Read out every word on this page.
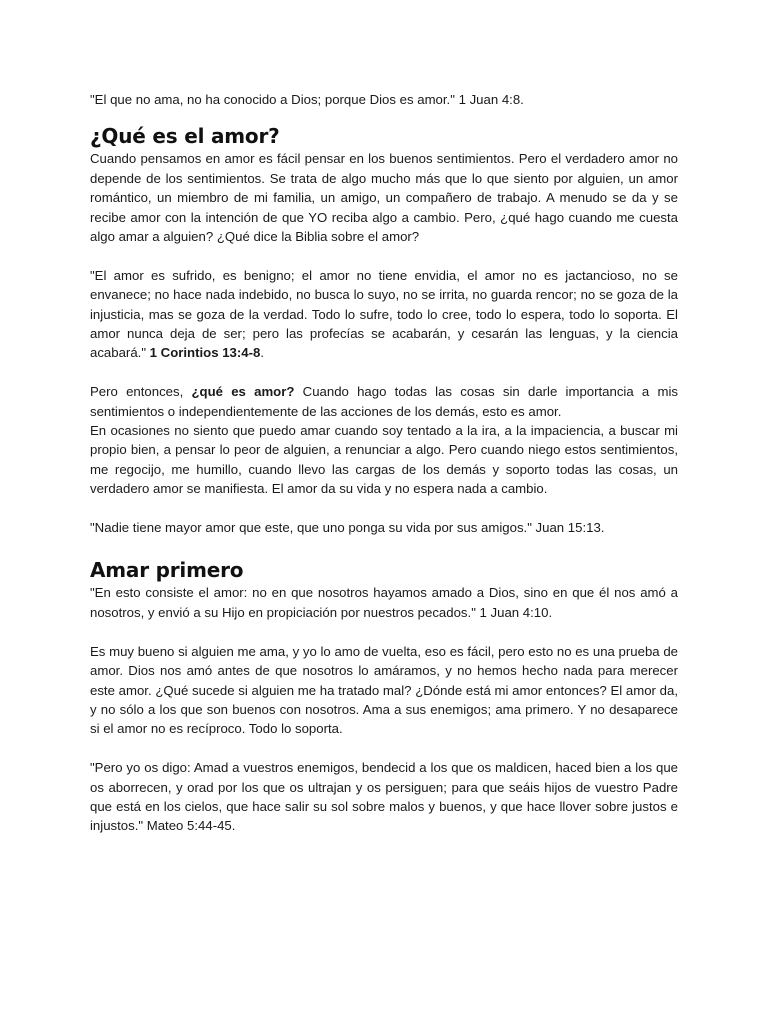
"El que no ama, no ha conocido a Dios; porque Dios es amor." 1 Juan 4:8.

¿Qué es el amor?

Cuando pensamos en amor es fácil pensar en los buenos sentimientos. Pero el verdadero amor no depende de los sentimientos. Se trata de algo mucho más que lo que siento por alguien, un amor romántico, un miembro de mi familia, un amigo, un compañero de trabajo. A menudo se da y se recibe amor con la intención de que YO reciba algo a cambio. Pero, ¿qué hago cuando me cuesta algo amar a alguien? ¿Qué dice la Biblia sobre el amor?

"El amor es sufrido, es benigno; el amor no tiene envidia, el amor no es jactancioso, no se envanece; no hace nada indebido, no busca lo suyo, no se irrita, no guarda rencor; no se goza de la injusticia, mas se goza de la verdad. Todo lo sufre, todo lo cree, todo lo espera, todo lo soporta. El amor nunca deja de ser; pero las profecías se acabarán, y cesarán las lenguas, y la ciencia acabará." 1 Corintios 13:4-8.

Pero entonces, ¿qué es amor? Cuando hago todas las cosas sin darle importancia a mis sentimientos o independientemente de las acciones de los demás, esto es amor.

En ocasiones no siento que puedo amar cuando soy tentado a la ira, a la impaciencia, a buscar mi propio bien, a pensar lo peor de alguien, a renunciar a algo. Pero cuando niego estos sentimientos, me regocijo, me humillo, cuando llevo las cargas de los demás y soporto todas las cosas, un verdadero amor se manifiesta. El amor da su vida y no espera nada a cambio.

"Nadie tiene mayor amor que este, que uno ponga su vida por sus amigos." Juan 15:13.

Amar primero

"En esto consiste el amor: no en que nosotros hayamos amado a Dios, sino en que él nos amó a nosotros, y envió a su Hijo en propiciación por nuestros pecados." 1 Juan 4:10.

Es muy bueno si alguien me ama, y yo lo amo de vuelta, eso es fácil, pero esto no es una prueba de amor. Dios nos amó antes de que nosotros lo amáramos, y no hemos hecho nada para merecer este amor. ¿Qué sucede si alguien me ha tratado mal? ¿Dónde está mi amor entonces? El amor da, y no sólo a los que son buenos con nosotros. Ama a sus enemigos; ama primero. Y no desaparece si el amor no es recíproco. Todo lo soporta.

"Pero yo os digo: Amad a vuestros enemigos, bendecid a los que os maldicen, haced bien a los que os aborrecen, y orad por los que os ultrajan y os persiguen; para que seáis hijos de vuestro Padre que está en los cielos, que hace salir su sol sobre malos y buenos, y que hace llover sobre justos e injustos." Mateo 5:44-45.
